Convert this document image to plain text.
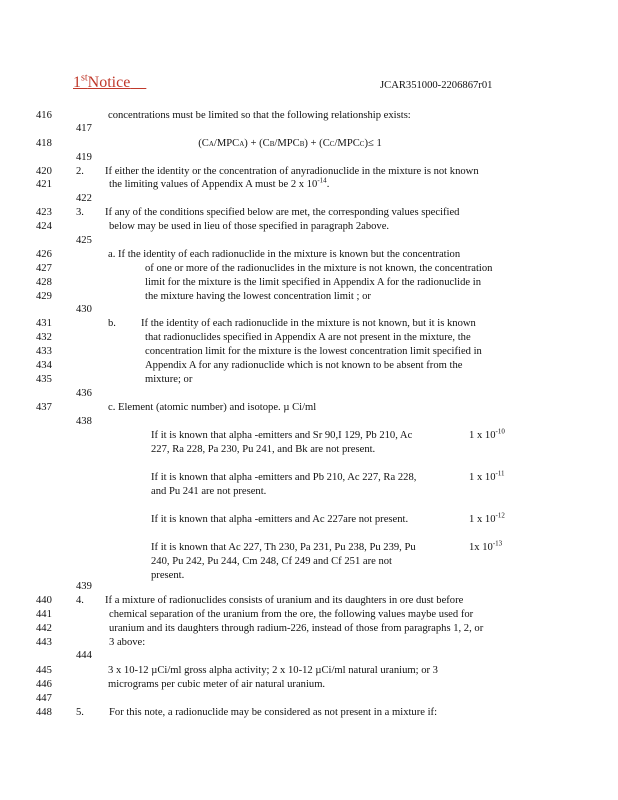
1stNotice	JCAR351000-2206867r01
416
417
418
419
420
421
422
423
424
425
426
427
428
429
430
431
432
433
434
435
436
437
438
439
440
441
442
443
444
445
446
447
448
concentrations must be limited so that the following relationship exists:
(CA/MPCA) + (CB/MPCB) + (CC/MPCC)≤ 1
2. If either the identity or the concentration of anyradionuclide in the mixture is not known
the limiting values of Appendix A must be 2 x $10^{-14}$.
3. If any of the conditions specified below are met, the corresponding values specified
below may be used in lieu of those specified in paragraph 2above.
a. If the identity of each radionuclide in the mixture is known but the concentration
of one or more of the radionuclides in the mixture is not known, the concentration
limit for the mixture is the limit specified in Appendix A for the radionuclide in
the mixture having the lowest concentration limit ; or
b. If the identity of each radionuclide in the mixture is not known, but it is known
that radionuclides specified in Appendix A are not present in the mixture, the
concentration limit for the mixture is the lowest concentration limit specified in
Appendix A for any radionuclide which is not known to be absent from the
mixture; or
c. Element (atomic number) and isotope. µ Ci/ml
If it is known that alpha -emitters and Sr 90,I 129, Pb 210, Ac
227, Ra 228, Pa 230, Pu 241, and Bk are not present.
1 x $10^{-10}$
If it is known that alpha -emitters and Pb 210, Ac 227, Ra 228,
and Pu 241 are not present.
1 x $10^{-11}$
If it is known that alpha -emitters and Ac 227are not present.	1 x $10^{-12}$
If it is known that Ac 227, Th 230, Pa 231, Pu 238, Pu 239, Pu
240, Pu 242, Pu 244, Cm 248, Cf 249 and Cf 251 are not
present.
1x $10^{-13}$
4. If a mixture of radionuclides consists of uranium and its daughters in ore dust before
chemical separation of the uranium from the ore, the following values maybe used for
uranium and its daughters through radium-226, instead of those from paragraphs 1, 2, or
3 above:
3 x 10-12 µCi/ml gross alpha activity; 2 x 10-12 µCi/ml natural uranium; or 3
micrograms per cubic meter of air natural uranium.
5. For this note, a radionuclide may be considered as not present in a mixture if:
